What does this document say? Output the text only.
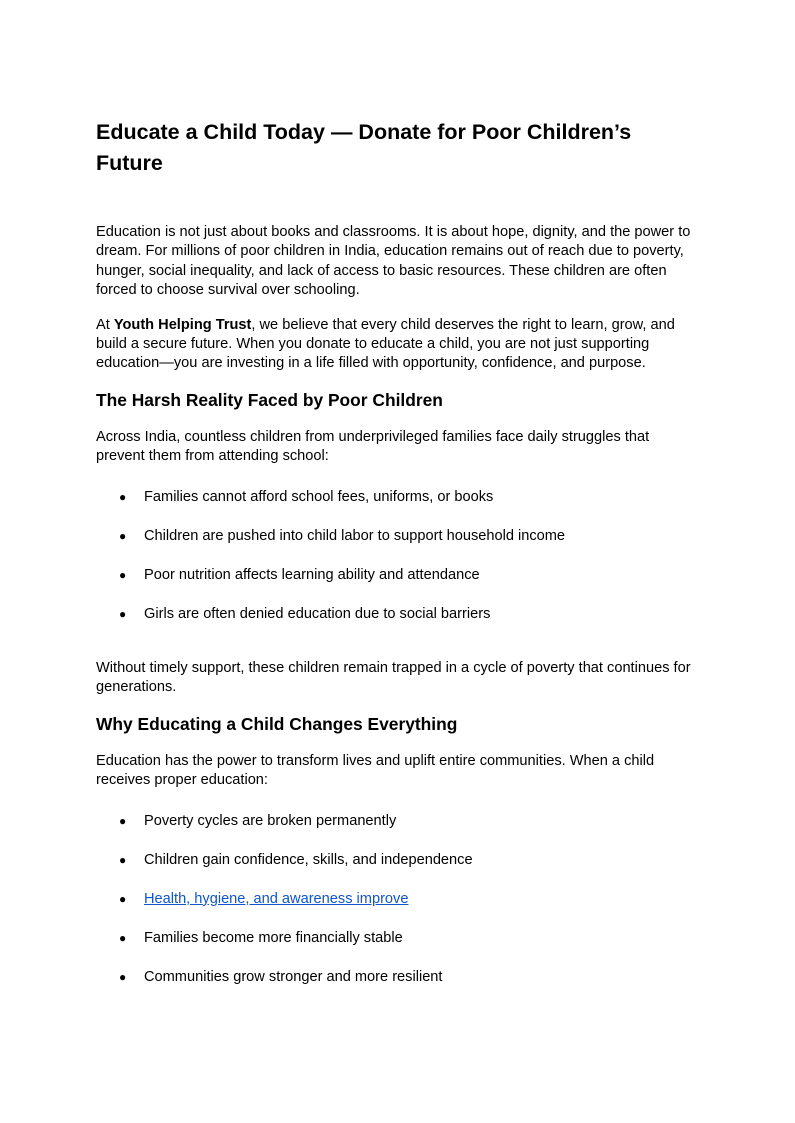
Educate a Child Today — Donate for Poor Children’s Future

Education is not just about books and classrooms. It is about hope, dignity, and the power to dream. For millions of poor children in India, education remains out of reach due to poverty, hunger, social inequality, and lack of access to basic resources. These children are often forced to choose survival over schooling.

At Youth Helping Trust, we believe that every child deserves the right to learn, grow, and build a secure future. When you donate to educate a child, you are not just supporting education—you are investing in a life filled with opportunity, confidence, and purpose.

The Harsh Reality Faced by Poor Children

Across India, countless children from underprivileged families face daily struggles that prevent them from attending school:

● Families cannot afford school fees, uniforms, or books
● Children are pushed into child labor to support household income
● Poor nutrition affects learning ability and attendance
● Girls are often denied education due to social barriers

Without timely support, these children remain trapped in a cycle of poverty that continues for generations.

Why Educating a Child Changes Everything

Education has the power to transform lives and uplift entire communities. When a child receives proper education:

● Poverty cycles are broken permanently
● Children gain confidence, skills, and independence
● Health, hygiene, and awareness improve
● Families become more financially stable
● Communities grow stronger and more resilient
